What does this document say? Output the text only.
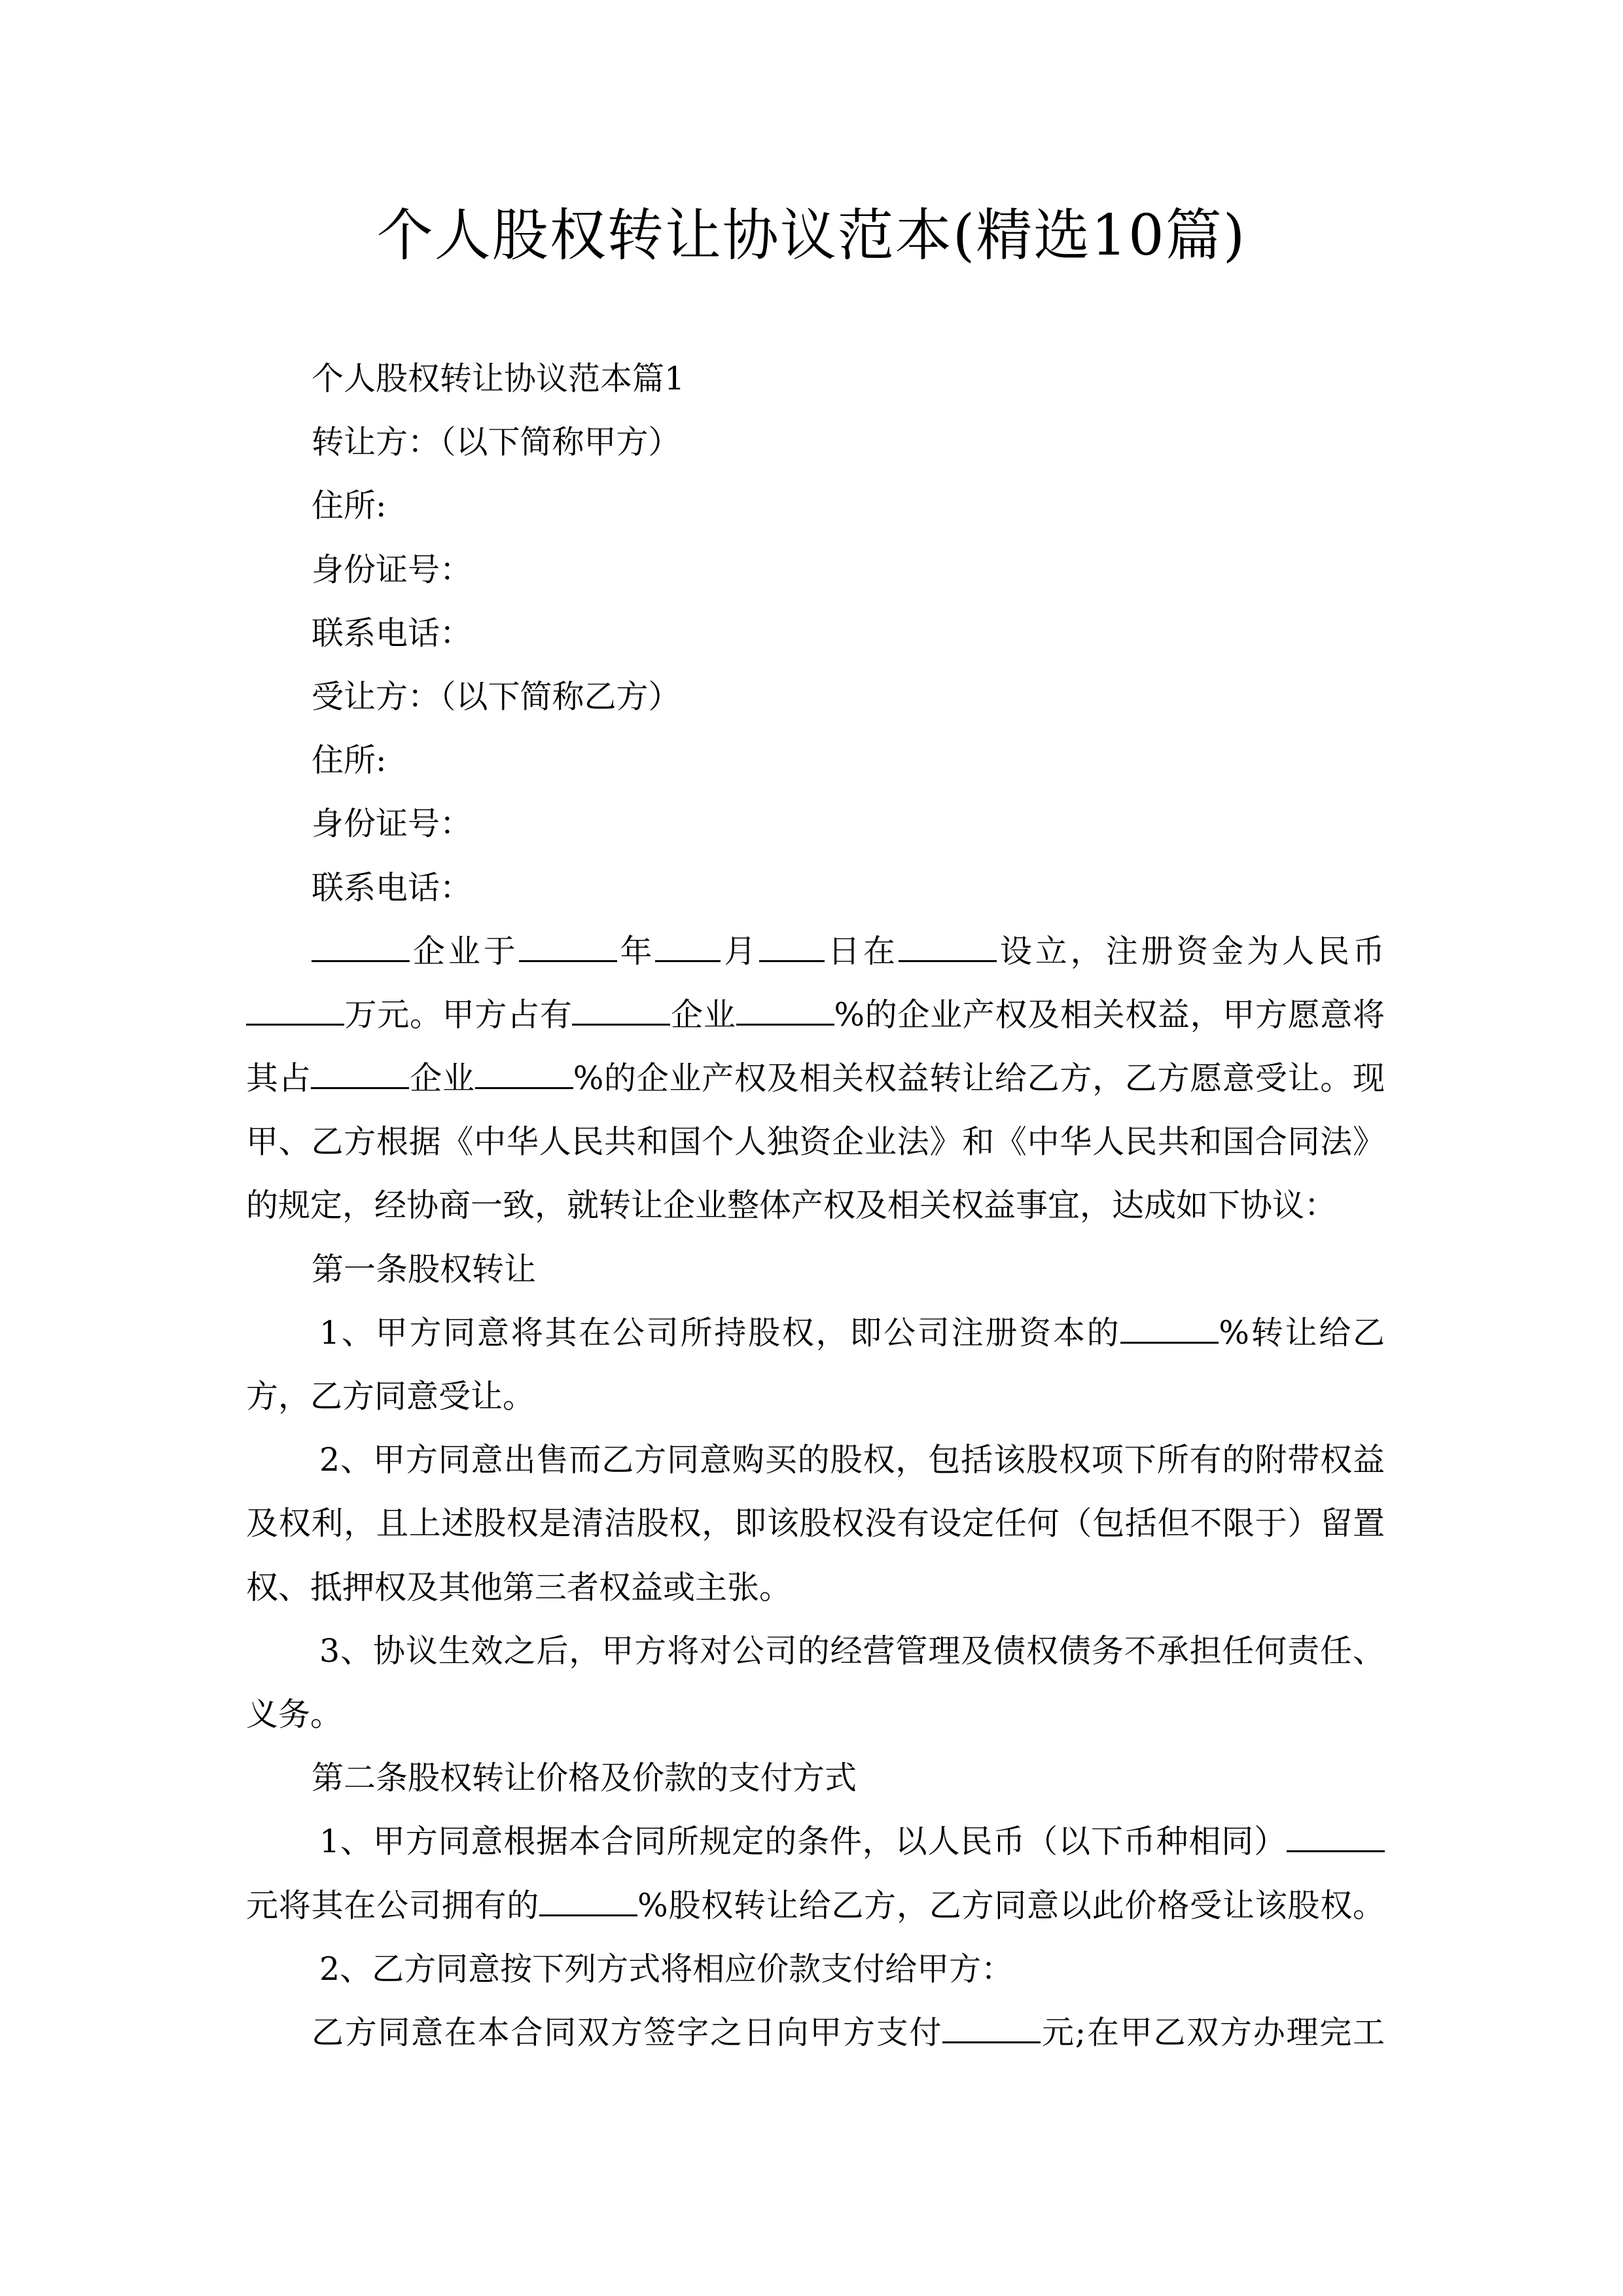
个人股权转让协议范本(精选10篇)
个人股权转让协议范本篇1
转让方：（以下简称甲方）
住所:
身份证号：
联系电话：
受让方：（以下简称乙方）
住所:
身份证号：
联系电话：
企业于	年 月 日在	设立，注册资金为人民币
万元。甲方占有	企业	%的企业产权及相关权益，甲方愿意将
其占	企业	%的企业产权及相关权益转让给乙方，乙方愿意受让。现
甲、乙方根据《中华人民共和国个人独资企业法》和《中华人民共和国合同法》
的规定，经协商一致，就转让企业整体产权及相关权益事宜，达成如下协议：
第一条股权转让
1、甲方同意将其在公司所持股权，即公司注册资本的	%转让给乙
方，乙方同意受让。
2、甲方同意出售而乙方同意购买的股权，包括该股权项下所有的附带权益
及权利，且上述股权是清洁股权，即该股权没有设定任何（包括但不限于）留置
权、抵押权及其他第三者权益或主张。
3、协议生效之后，甲方将对公司的经营管理及债权债务不承担任何责任、
义务。
第二条股权转让价格及价款的支付方式
1、甲方同意根据本合同所规定的条件，以人民币（以下币种相同）
元将其在公司拥有的	%股权转让给乙方，乙方同意以此价格受让该股权。
2、乙方同意按下列方式将相应价款支付给甲方：
乙方同意在本合同双方签字之日向甲方支付	元;在甲乙双方办理完工
